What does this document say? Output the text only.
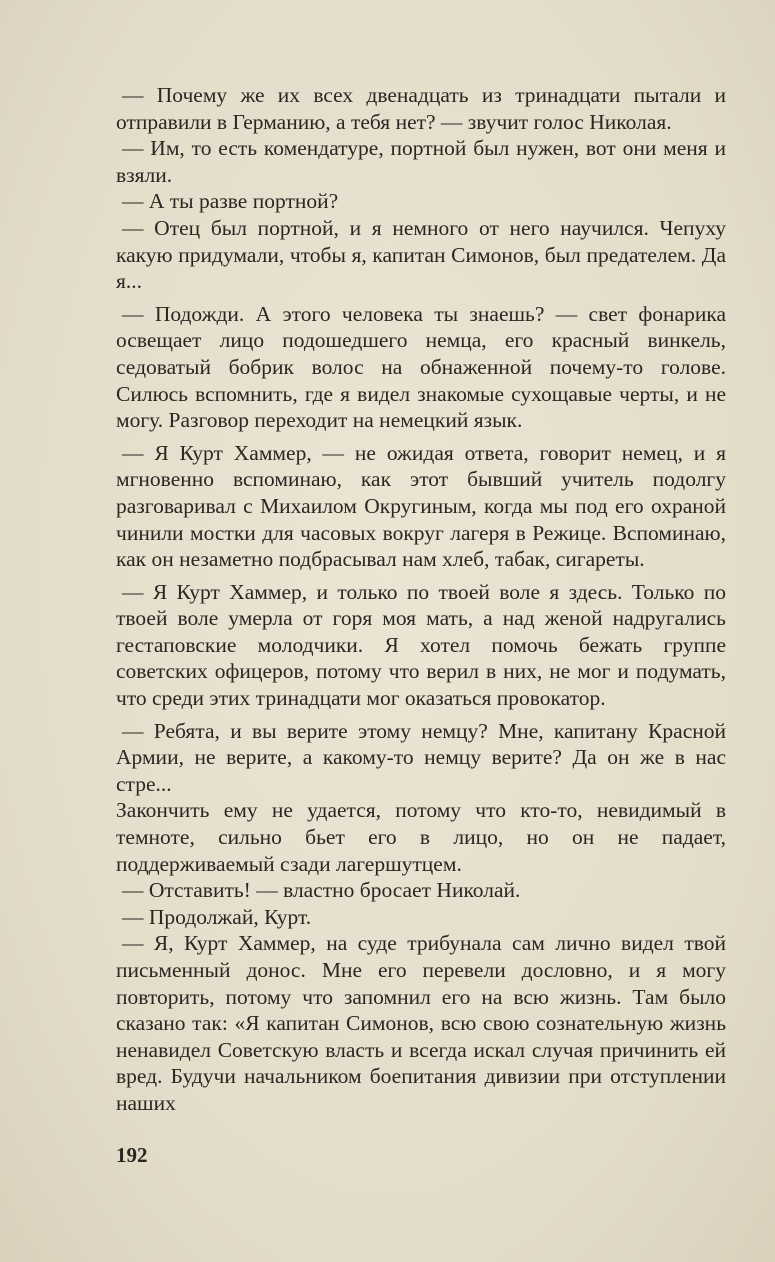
— Почему же их всех двенадцать из тринадцати пытали и отправили в Германию, а тебя нет? — звучит голос Николая.

— Им, то есть комендатуре, портной был нужен, вот они меня и взяли.

— А ты разве портной?

— Отец был портной, и я немного от него научился. Чепуху какую придумали, чтобы я, капитан Симонов, был предателем. Да я...

— Подожди. А этого человека ты знаешь? — свет фонарика освещает лицо подошедшего немца, его красный винкель, седоватый бобрик волос на обнаженной почему-то голове. Силюсь вспомнить, где я видел знакомые сухощавые черты, и не могу. Разговор переходит на немецкий язык.

— Я Курт Хаммер, — не ожидая ответа, говорит немец, и я мгновенно вспоминаю, как этот бывший учитель подолгу разговаривал с Михаилом Округиным, когда мы под его охраной чинили мостки для часовых вокруг лагеря в Режице. Вспоминаю, как он незаметно подбрасывал нам хлеб, табак, сигареты.

— Я Курт Хаммер, и только по твоей воле я здесь. Только по твоей воле умерла от горя моя мать, а над женой надругались гестаповские молодчики. Я хотел помочь бежать группе советских офицеров, потому что верил в них, не мог и подумать, что среди этих тринадцати мог оказаться провокатор.

— Ребята, и вы верите этому немцу? Мне, капитану Красной Армии, не верите, а какому-то немцу верите? Да он же в нас стре...

Закончить ему не удается, потому что кто-то, невидимый в темноте, сильно бьет его в лицо, но он не падает, поддерживаемый сзади лагершутцем.

— Отставить! — властно бросает Николай.

— Продолжай, Курт.

— Я, Курт Хаммер, на суде трибунала сам лично видел твой письменный донос. Мне его перевели дословно, и я могу повторить, потому что запомнил его на всю жизнь. Там было сказано так: «Я капитан Симонов, всю свою сознательную жизнь ненавидел Советскую власть и всегда искал случая причинить ей вред. Будучи начальником боепитания дивизии при отступлении наших

192
